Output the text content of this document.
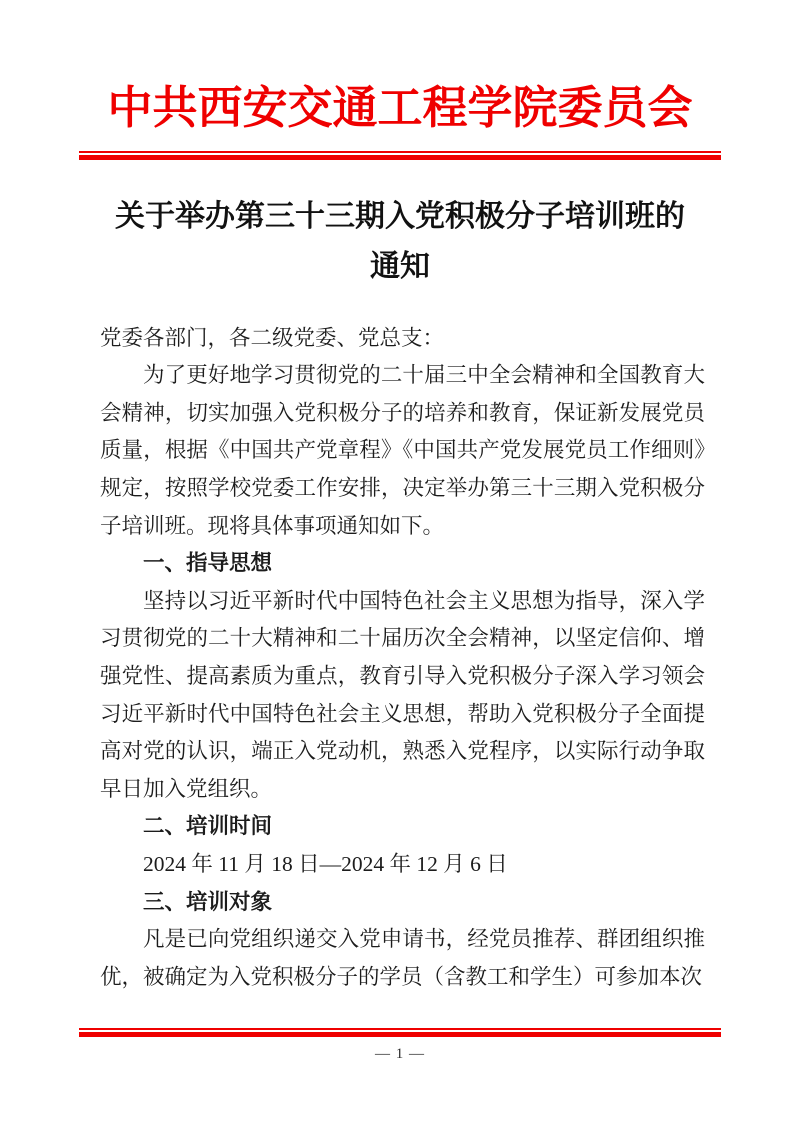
中共西安交通工程学院委员会
关于举办第三十三期入党积极分子培训班的
通知
党委各部门，各二级党委、党总支：
为了更好地学习贯彻党的二十届三中全会精神和全国教育大会精神，切实加强入党积极分子的培养和教育，保证新发展党员质量，根据《中国共产党章程》《中国共产党发展党员工作细则》规定，按照学校党委工作安排，决定举办第三十三期入党积极分子培训班。现将具体事项通知如下。
一、指导思想
坚持以习近平新时代中国特色社会主义思想为指导，深入学习贯彻党的二十大精神和二十届历次全会精神，以坚定信仰、增强党性、提高素质为重点，教育引导入党积极分子深入学习领会习近平新时代中国特色社会主义思想，帮助入党积极分子全面提高对党的认识，端正入党动机，熟悉入党程序，以实际行动争取早日加入党组织。
二、培训时间
2024 年 11 月 18 日—2024 年 12 月 6 日
三、培训对象
凡是已向党组织递交入党申请书，经党员推荐、群团组织推优，被确定为入党积极分子的学员（含教工和学生）可参加本次
— 1 —
